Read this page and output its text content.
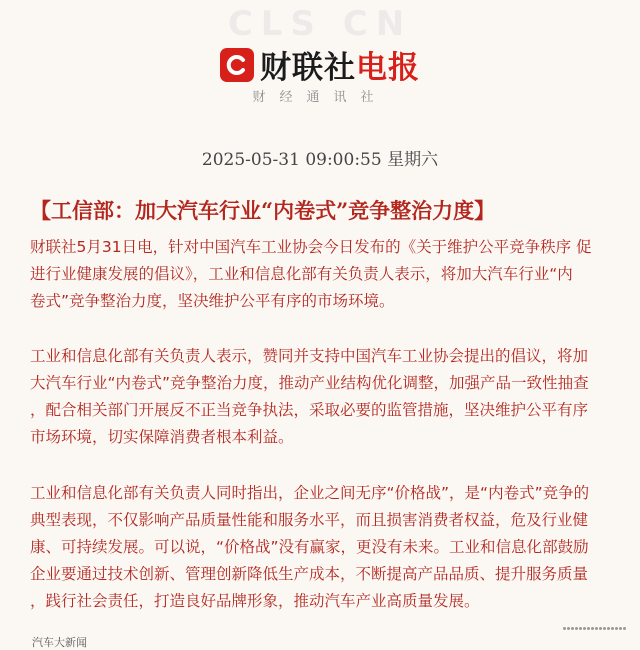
CLS CN
财联社电报
财经通讯社
2025-05-31 09:00:55 星期六
【工信部：加大汽车行业“内卷式”竞争整治力度】
财联社5月31日电，针对中国汽车工业协会今日发布的《关于维护公平竞争秩序 促
进行业健康发展的倡议》，工业和信息化部有关负责人表示，将加大汽车行业“内
卷式”竞争整治力度，坚决维护公平有序的市场环境。
工业和信息化部有关负责人表示，赞同并支持中国汽车工业协会提出的倡议，将加
大汽车行业“内卷式”竞争整治力度，推动产业结构优化调整，加强产品一致性抽查
，配合相关部门开展反不正当竞争执法，采取必要的监管措施，坚决维护公平有序
市场环境，切实保障消费者根本利益。
工业和信息化部有关负责人同时指出，企业之间无序“价格战”，是“内卷式”竞争的
典型表现，不仅影响产品质量性能和服务水平，而且损害消费者权益，危及行业健
康、可持续发展。可以说，“价格战”没有赢家，更没有未来。工业和信息化部鼓励
企业要通过技术创新、管理创新降低生产成本，不断提高产品品质、提升服务质量
，践行社会责任，打造良好品牌形象，推动汽车产业高质量发展。
汽车大新闻
